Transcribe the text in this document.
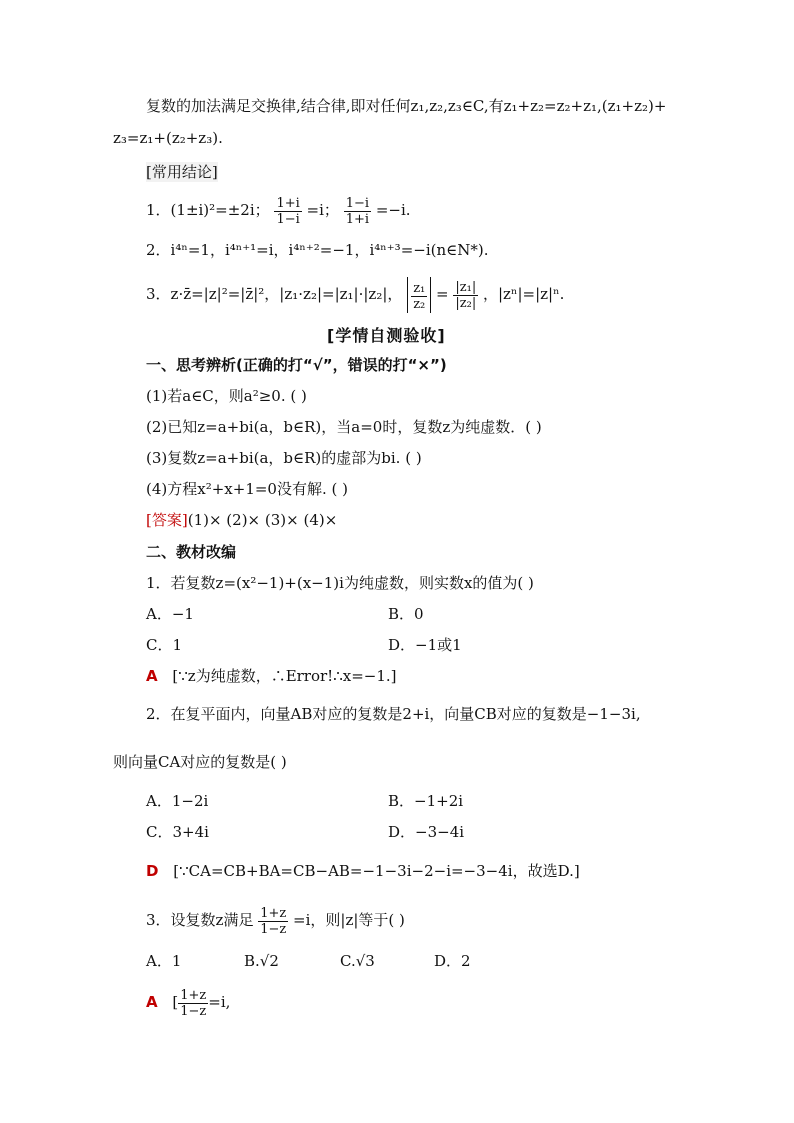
复数的加法满足交换律,结合律,即对任何z₁,z₂,z₃∈C,有z₁+z₂=z₂+z₁,(z₁+z₂)+
z₃=z₁+(z₂+z₃).
[常用结论]
1．(1±i)²=±2i； $\frac{1+i}{1-i} =i$； $\frac{1-i}{1+i} =-i$.
2．i⁴ⁿ=1，i⁴ⁿ⁺¹=i，i⁴ⁿ⁺²=−1，i⁴ⁿ⁺³=−i(n∈N*).
3．z·z̄=|z|²=|z̄|²，|z₁·z₂|=|z₁|·|z₂|， $\frac{\text{z₁}}{\text{z₂}} = \frac{\text{|z₁|}}{\text{|z₂|}}$ ，|zⁿ|=|z|ⁿ.
[学情自测验收]
一、思考辨析(正确的打“√”，错误的打“×”)
(1)若a∈C，则a²≥0. ( )
(2)已知z=a+bi(a，b∈R)，当a=0时，复数z为纯虚数．( )
(3)复数z=a+bi(a，b∈R)的虚部为bi. ( )
(4)方程x²+x+1=0没有解. ( )
[答案](1)× (2)× (3)× (4)×
二、教材改编
1．若复数z=(x²−1)+(x−1)i为纯虚数，则实数x的值为( )
A．−1	B．0
C．1	D．−1或1
A [∵z为纯虚数，∴Error!∴x=−1.]
2．在复平面内，向量AB对应的复数是2+i，向量CB对应的复数是−1−3i,
则向量CA对应的复数是( )
A．1−2i	B．−1+2i
C．3+4i	D．−3−4i
D [∵CA=CB+BA=CB−AB=−1−3i−2−i=−3−4i，故选D.]
3．设复数z满足 $\frac{1+z}{1-z} =i$，则|z|等于( )
A．1	B.√2	C.√3	D．2
A [ $\frac{1+z}{1-z} =i$,
